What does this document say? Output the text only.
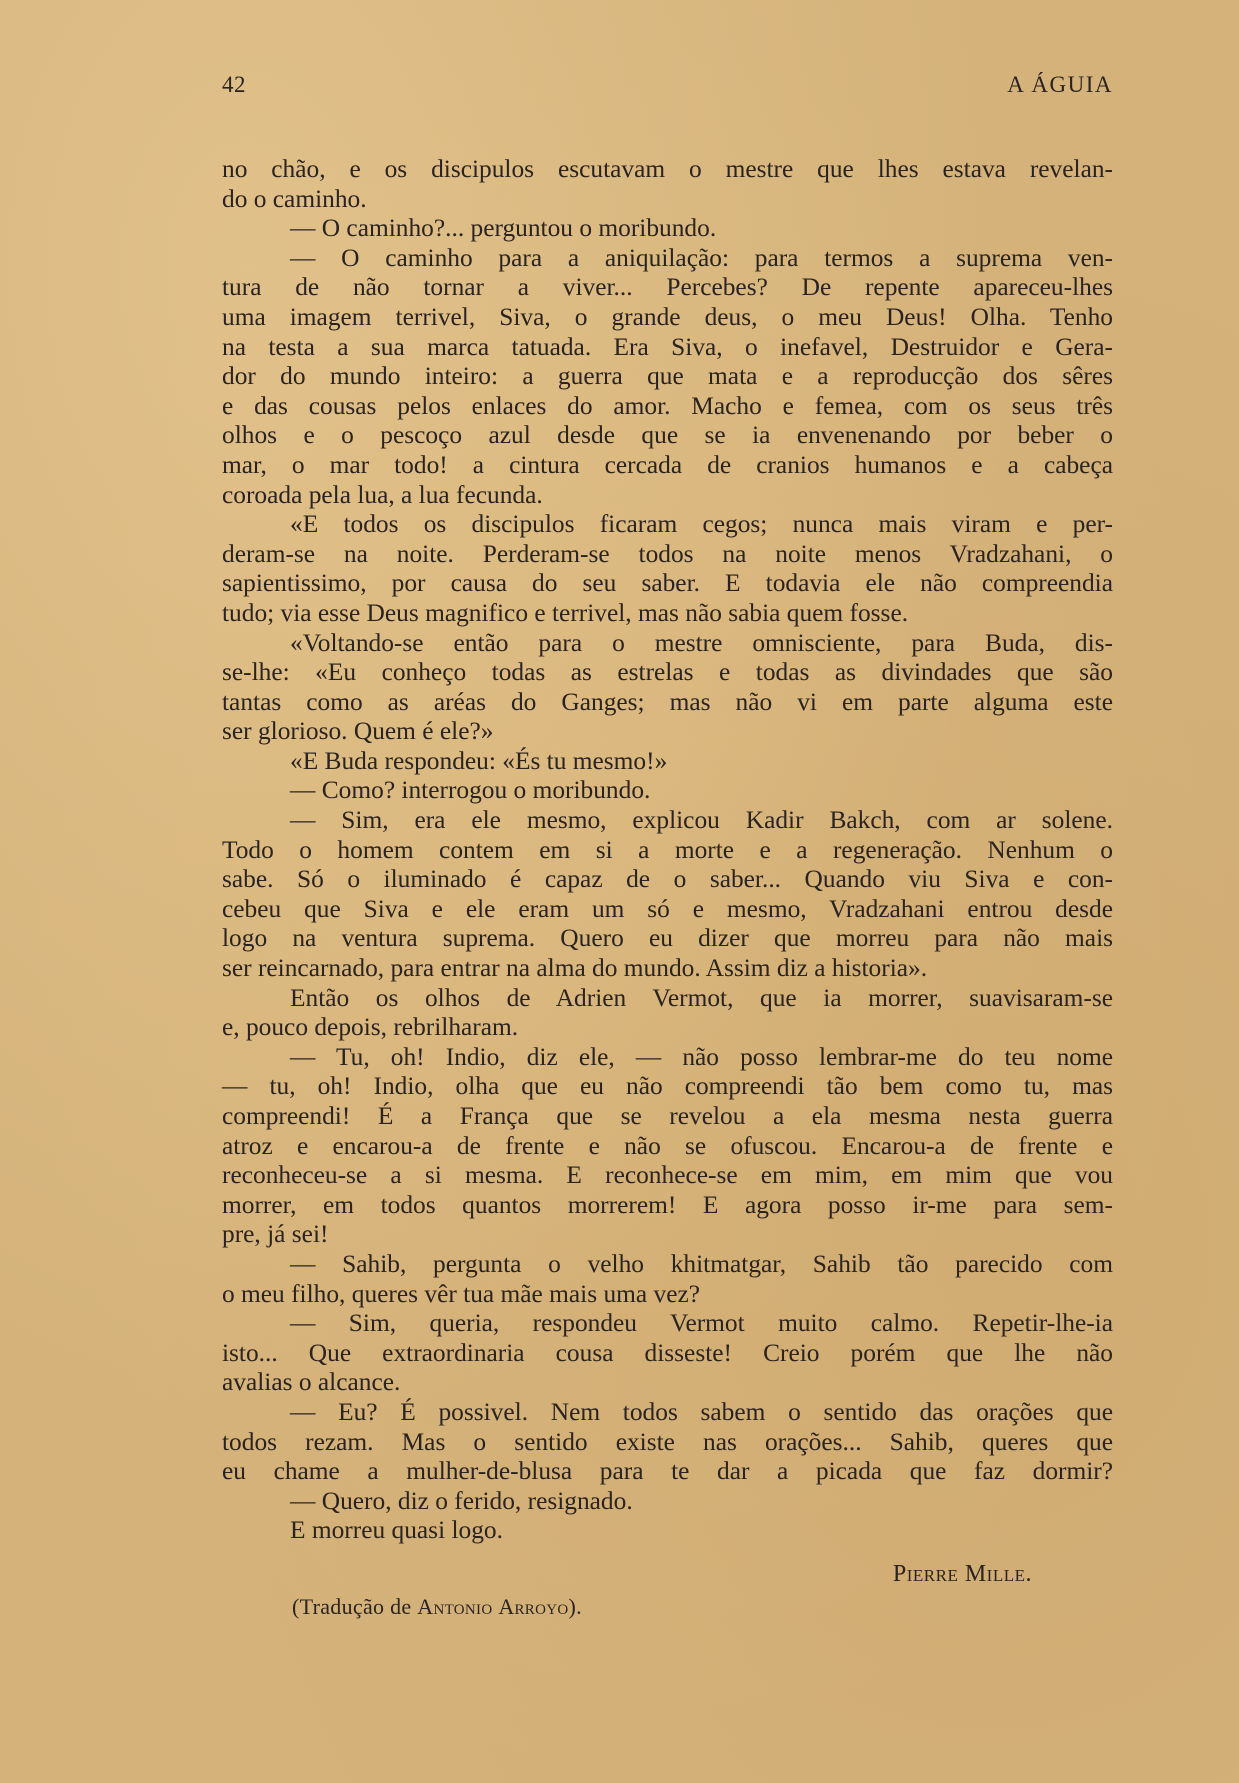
42	A ÁGUIA

no chão, e os discipulos escutavam o mestre que lhes estava revelan-

do o caminho.

— O caminho?... perguntou o moribundo.

— O caminho para a aniquilação: para termos a suprema ven-

tura de não tornar a viver... Percebes? De repente apareceu-lhes

uma imagem terrivel, Siva, o grande deus, o meu Deus! Olha. Tenho

na testa a sua marca tatuada. Era Siva, o inefavel, Destruidor e Gera-

dor do mundo inteiro: a guerra que mata e a reproducção dos sêres

e das cousas pelos enlaces do amor. Macho e femea, com os seus três

olhos e o pescoço azul desde que se ia envenenando por beber o

mar, o mar todo! a cintura cercada de cranios humanos e a cabeça

coroada pela lua, a lua fecunda.

«E todos os discipulos ficaram cegos; nunca mais viram e per-

deram-se na noite. Perderam-se todos na noite menos Vradzahani, o

sapientissimo, por causa do seu saber. E todavia ele não compreendia

tudo; via esse Deus magnifico e terrivel, mas não sabia quem fosse.

«Voltando-se então para o mestre omnisciente, para Buda, dis-

se-lhe: «Eu conheço todas as estrelas e todas as divindades que são

tantas como as aréas do Ganges; mas não vi em parte alguma este

ser glorioso. Quem é ele?»

«E Buda respondeu: «És tu mesmo!»

— Como? interrogou o moribundo.

— Sim, era ele mesmo, explicou Kadir Bakch, com ar solene.

Todo o homem contem em si a morte e a regeneração. Nenhum o

sabe. Só o iluminado é capaz de o saber... Quando viu Siva e con-

cebeu que Siva e ele eram um só e mesmo, Vradzahani entrou desde

logo na ventura suprema. Quero eu dizer que morreu para não mais

ser reincarnado, para entrar na alma do mundo. Assim diz a historia».

Então os olhos de Adrien Vermot, que ia morrer, suavisaram-se

e, pouco depois, rebrilharam.

— Tu, oh! Indio, diz ele, — não posso lembrar-me do teu nome

— tu, oh! Indio, olha que eu não compreendi tão bem como tu, mas

compreendi! É a França que se revelou a ela mesma nesta guerra

atroz e encarou-a de frente e não se ofuscou. Encarou-a de frente e

reconheceu-se a si mesma. E reconhece-se em mim, em mim que vou

morrer, em todos quantos morrerem! E agora posso ir-me para sem-

pre, já sei!

— Sahib, pergunta o velho khitmatgar, Sahib tão parecido com

o meu filho, queres vêr tua mãe mais uma vez?

— Sim, queria, respondeu Vermot muito calmo. Repetir-lhe-ia

isto... Que extraordinaria cousa disseste! Creio porém que lhe não

avalias o alcance.

— Eu? É possivel. Nem todos sabem o sentido das orações que

todos rezam. Mas o sentido existe nas orações... Sahib, queres que

eu chame a mulher-de-blusa para te dar a picada que faz dormir?

— Quero, diz o ferido, resignado.

E morreu quasi logo.

Pierre Mille.
(Tradução de Antonio Arroyo).
